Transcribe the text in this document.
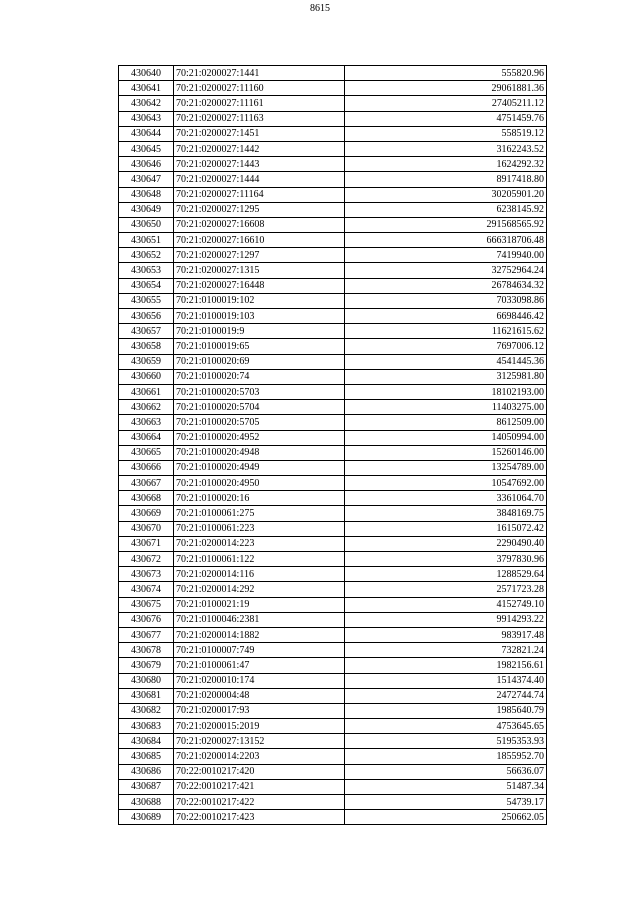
8615
430640	70:21:0200027:1441	555820.96
430641	70:21:0200027:11160	29061881.36
430642	70:21:0200027:11161	27405211.12
430643	70:21:0200027:11163	4751459.76
430644	70:21:0200027:1451	558519.12
430645	70:21:0200027:1442	3162243.52
430646	70:21:0200027:1443	1624292.32
430647	70:21:0200027:1444	8917418.80
430648	70:21:0200027:11164	30205901.20
430649	70:21:0200027:1295	6238145.92
430650	70:21:0200027:16608	291568565.92
430651	70:21:0200027:16610	666318706.48
430652	70:21:0200027:1297	7419940.00
430653	70:21:0200027:1315	32752964.24
430654	70:21:0200027:16448	26784634.32
430655	70:21:0100019:102	7033098.86
430656	70:21:0100019:103	6698446.42
430657	70:21:0100019:9	11621615.62
430658	70:21:0100019:65	7697006.12
430659	70:21:0100020:69	4541445.36
430660	70:21:0100020:74	3125981.80
430661	70:21:0100020:5703	18102193.00
430662	70:21:0100020:5704	11403275.00
430663	70:21:0100020:5705	8612509.00
430664	70:21:0100020:4952	14050994.00
430665	70:21:0100020:4948	15260146.00
430666	70:21:0100020:4949	13254789.00
430667	70:21:0100020:4950	10547692.00
430668	70:21:0100020:16	3361064.70
430669	70:21:0100061:275	3848169.75
430670	70:21:0100061:223	1615072.42
430671	70:21:0200014:223	2290490.40
430672	70:21:0100061:122	3797830.96
430673	70:21:0200014:116	1288529.64
430674	70:21:0200014:292	2571723.28
430675	70:21:0100021:19	4152749.10
430676	70:21:0100046:2381	9914293.22
430677	70:21:0200014:1882	983917.48
430678	70:21:0100007:749	732821.24
430679	70:21:0100061:47	1982156.61
430680	70:21:0200010:174	1514374.40
430681	70:21:0200004:48	2472744.74
430682	70:21:0200017:93	1985640.79
430683	70:21:0200015:2019	4753645.65
430684	70:21:0200027:13152	5195353.93
430685	70:21:0200014:2203	1855952.70
430686	70:22:0010217:420	56636.07
430687	70:22:0010217:421	51487.34
430688	70:22:0010217:422	54739.17
430689	70:22:0010217:423	250662.05
